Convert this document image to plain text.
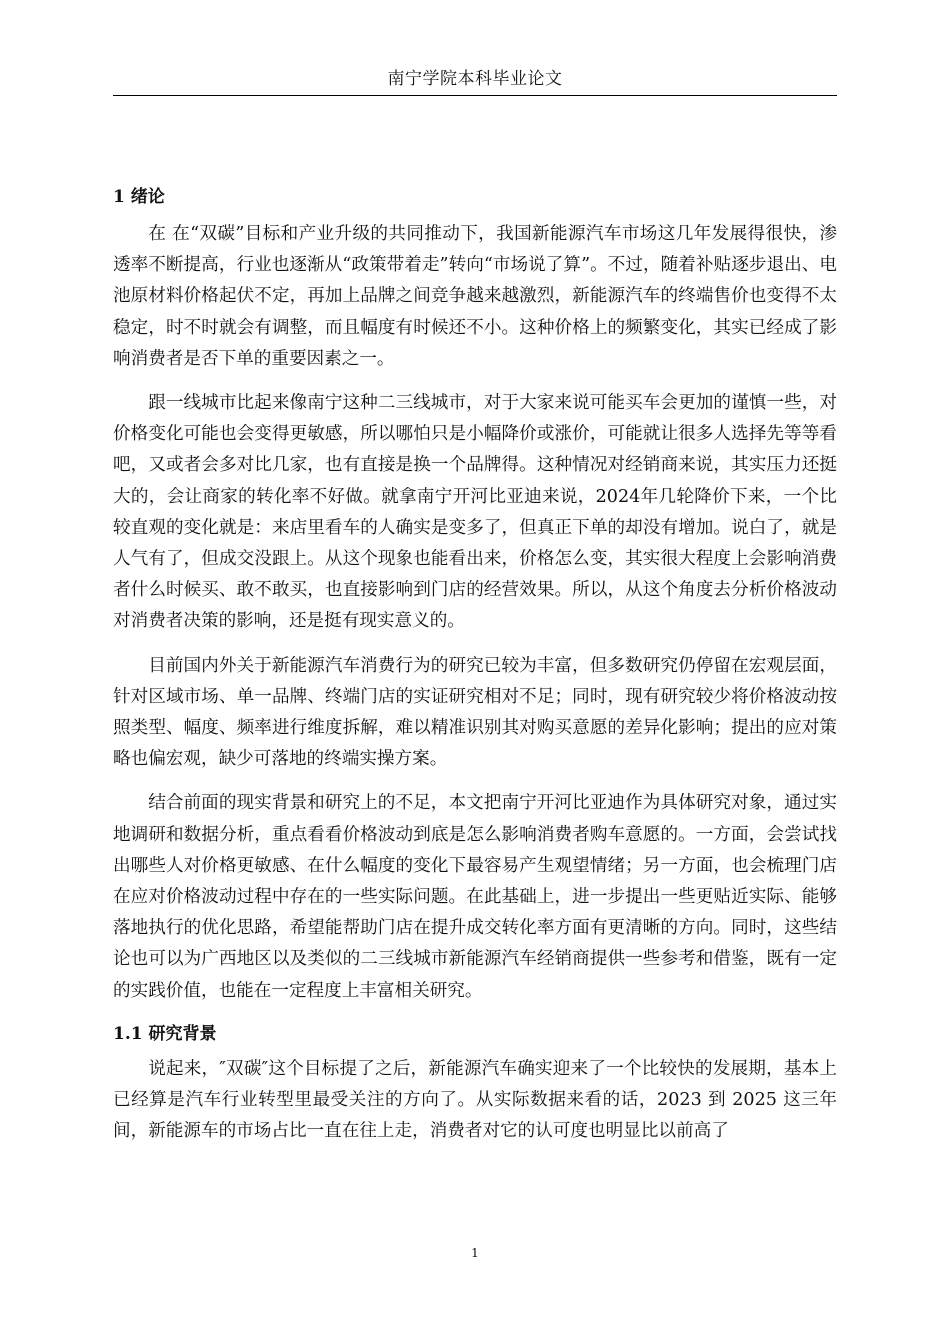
南宁学院本科毕业论文
1 绪论

在 在“双碳”目标和产业升级的共同推动下，我国新能源汽车市场这几年发展得很快，渗透率不断提高，行业也逐渐从“政策带着走”转向“市场说了算”。不过，随着补贴逐步退出、电池原材料价格起伏不定，再加上品牌之间竞争越来越激烈，新能源汽车的终端售价也变得不太稳定，时不时就会有调整，而且幅度有时候还不小。这种价格上的频繁变化，其实已经成了影响消费者是否下单的重要因素之一。

跟一线城市比起来像南宁这种二三线城市，对于大家来说可能买车会更加的谨慎一些，对价格变化可能也会变得更敏感，所以哪怕只是小幅降价或涨价，可能就让很多人选择先等等看吧，又或者会多对比几家，也有直接是换一个品牌得。这种情况对经销商来说，其实压力还挺大的，会让商家的转化率不好做。就拿南宁开河比亚迪来说，2024年几轮降价下来，一个比较直观的变化就是：来店里看车的人确实是变多了，但真正下单的却没有增加。说白了，就是人气有了，但成交没跟上。从这个现象也能看出来，价格怎么变，其实很大程度上会影响消费者什么时候买、敢不敢买，也直接影响到门店的经营效果。所以，从这个角度去分析价格波动对消费者决策的影响，还是挺有现实意义的。

目前国内外关于新能源汽车消费行为的研究已较为丰富，但多数研究仍停留在宏观层面，针对区域市场、单一品牌、终端门店的实证研究相对不足；同时，现有研究较少将价格波动按照类型、幅度、频率进行维度拆解，难以精准识别其对购买意愿的差异化影响；提出的应对策略也偏宏观，缺少可落地的终端实操方案。

结合前面的现实背景和研究上的不足，本文把南宁开河比亚迪作为具体研究对象，通过实地调研和数据分析，重点看看价格波动到底是怎么影响消费者购车意愿的。一方面，会尝试找出哪些人对价格更敏感、在什么幅度的变化下最容易产生观望情绪；另一方面，也会梳理门店在应对价格波动过程中存在的一些实际问题。在此基础上，进一步提出一些更贴近实际、能够落地执行的优化思路，希望能帮助门店在提升成交转化率方面有更清晰的方向。同时，这些结论也可以为广西地区以及类似的二三线城市新能源汽车经销商提供一些参考和借鉴，既有一定的实践价值，也能在一定程度上丰富相关研究。

1.1 研究背景

说起来，″双碳″这个目标提了之后，新能源汽车确实迎来了一个比较快的发展期，基本上已经算是汽车行业转型里最受关注的方向了。从实际数据来看的话，2023 到 2025 这三年间，新能源车的市场占比一直在往上走，消费者对它的认可度也明显比以前高了

1
